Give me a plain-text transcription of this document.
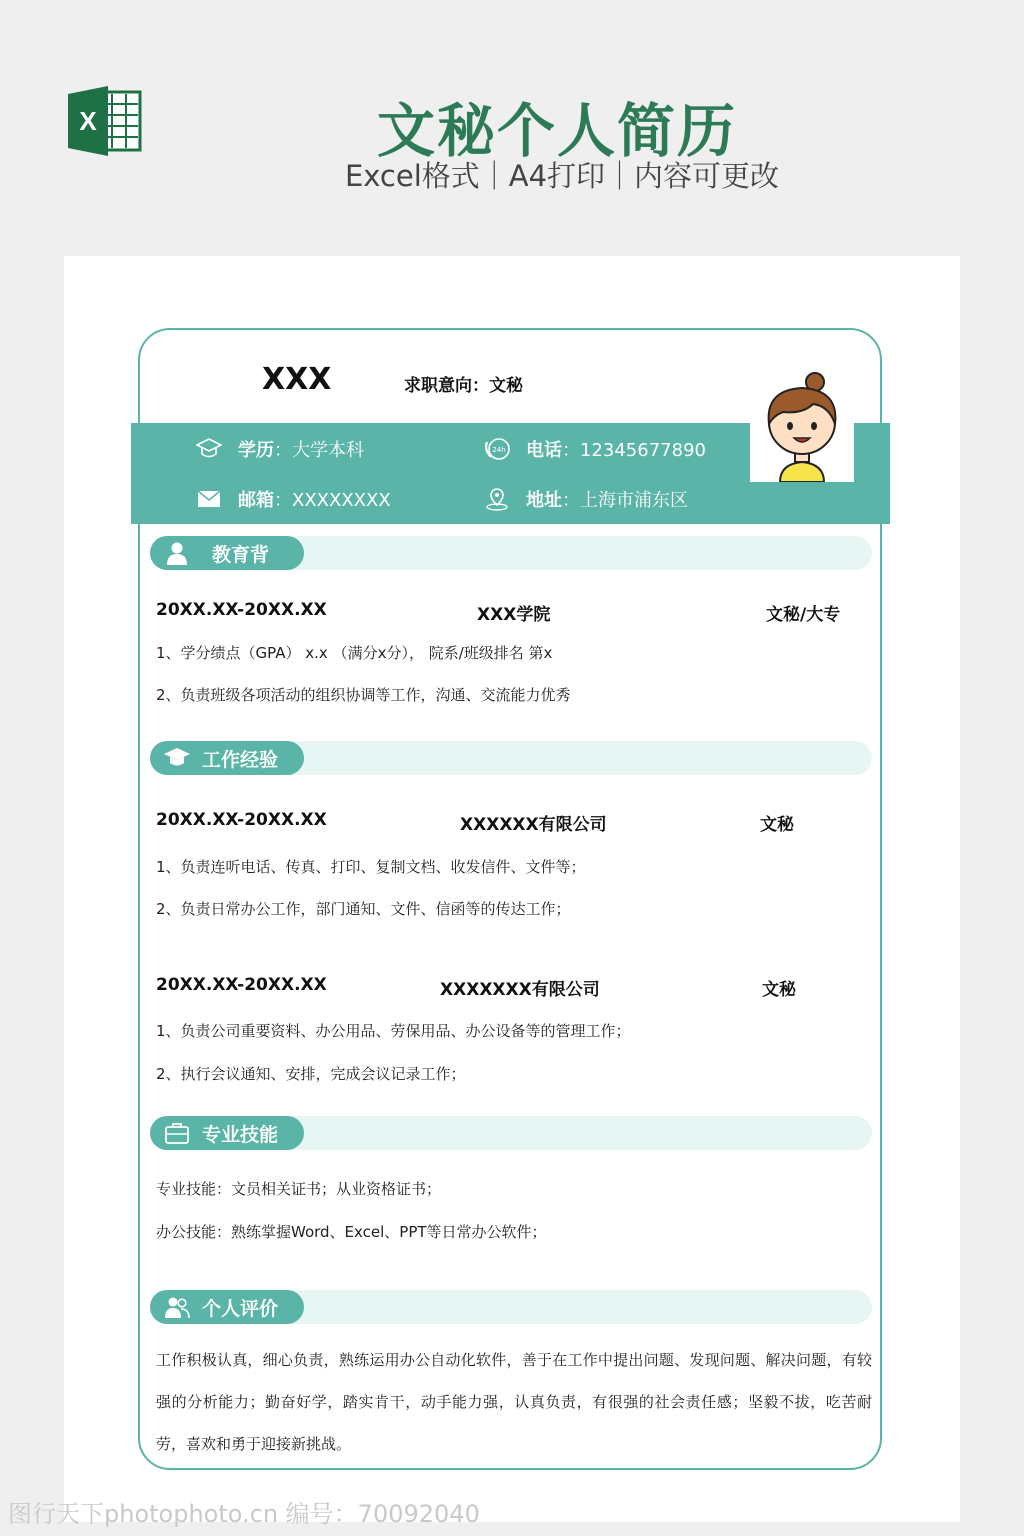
X	文秘个人简历
Excel格式｜A4打印｜内容可更改
XXX	求职意向：文秘
学历 ：大学本科	24h 电话 ：12345677890
邮箱 ：XXXXXXXX	地址 ：上海市浦东区
教育背
20XX.XX-20XX.XX	XXX学院	文秘/大专
1、学分绩点（GPA） x.x （满分x分）， 院系/班级排名 第x
2、负责班级各项活动的组织协调等工作，沟通、交流能力优秀
工作经验
20XX.XX-20XX.XX	XXXXXX有限公司	文秘
1、负责连听电话、传真、打印、复制文档、收发信件、文件等；
2、负责日常办公工作，部门通知、文件、信函等的传达工作；
20XX.XX-20XX.XX	XXXXXXX有限公司	文秘
1、负责公司重要资料、办公用品、劳保用品、办公设备等的管理工作；
2、执行会议通知、安排，完成会议记录工作；
专业技能
专业技能：文员相关证书；从业资格证书；
办公技能：熟练掌握Word、Excel、PPT等日常办公软件；
个人评价
工作积极认真，细心负责，熟练运用办公自动化软件，善于在工作中提出问题、发现问题、解决问题，有较强的分析能力；勤奋好学，踏实肯干，动手能力强，认真负责，有很强的社会责任感；坚毅不拔，吃苦耐劳，喜欢和勇于迎接新挑战。
图行天下photophoto.cn 编号：70092040
